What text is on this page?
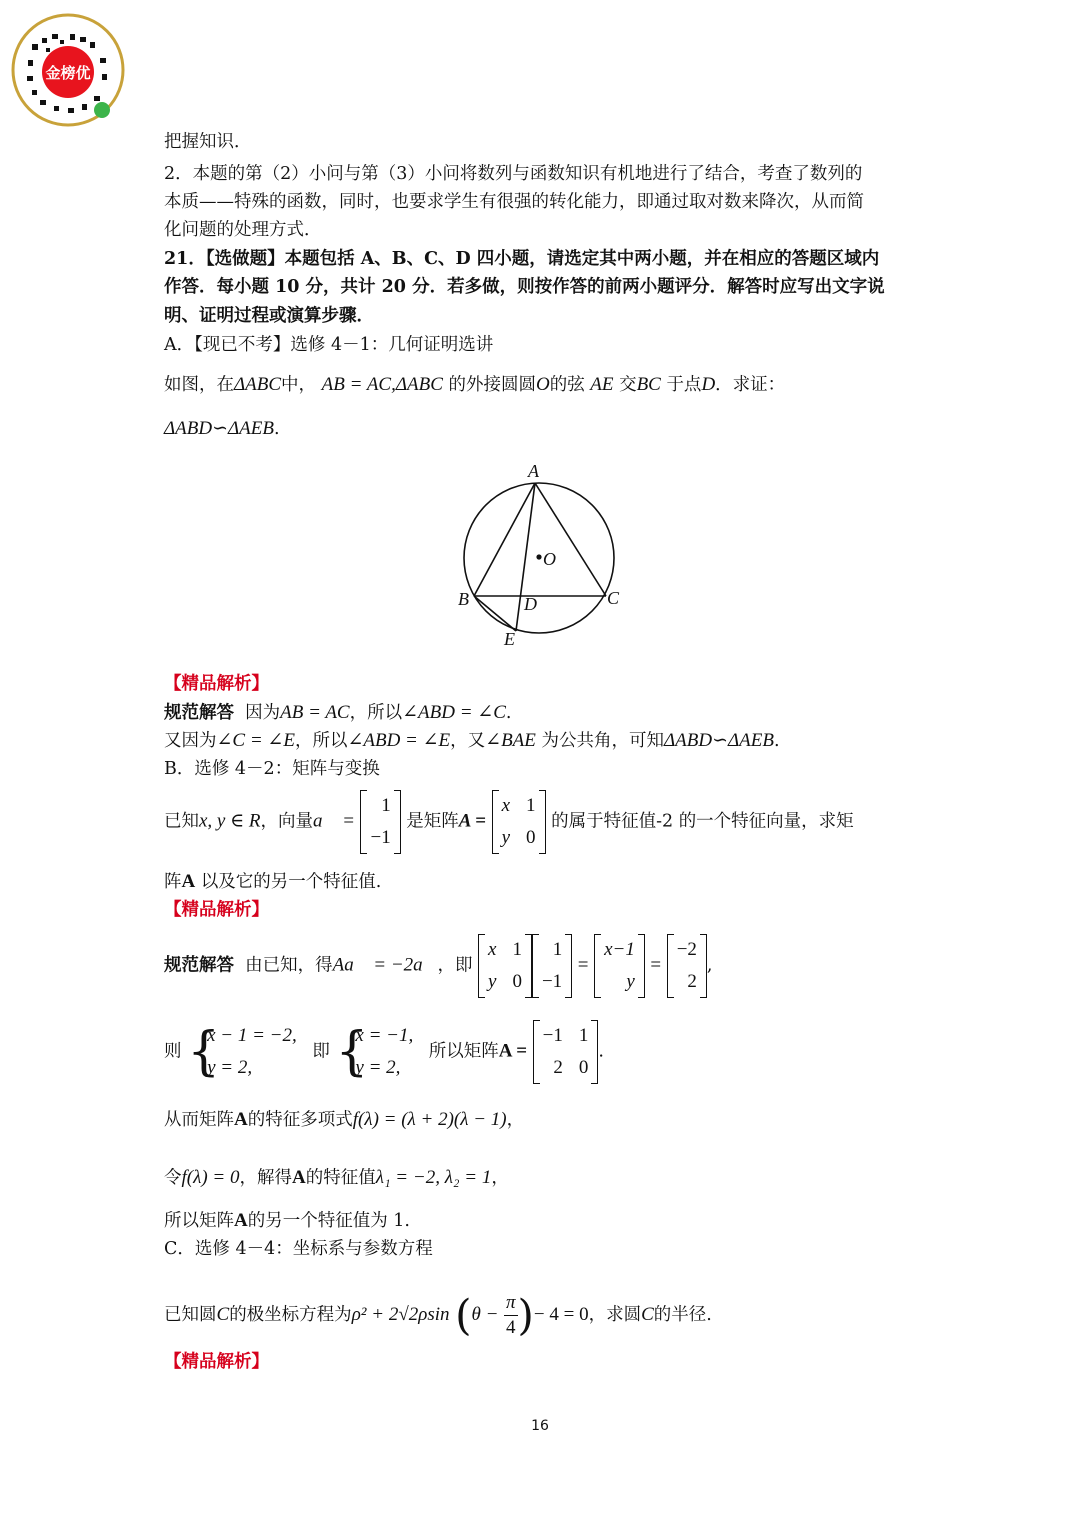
金榜优
把握知识．
2．本题的第（2）小问与第（3）小问将数列与函数知识有机地进行了结合，考查了数列的
本质——特殊的函数，同时，也要求学生有很强的转化能力，即通过取对数来降次，从而简
化问题的处理方式．
21．【选做题】本题包括 A、B、C、D 四小题，请选定其中两小题，并在相应的答题区域内
作答．每小题 10 分，共计 20 分．若多做，则按作答的前两小题评分．解答时应写出文字说
明、证明过程或演算步骤．
A．【现已不考】选修 4－1：几何证明选讲
如图，在ΔABC中， AB = AC,ΔABC 的外接圆圆O的弦 AE 交BC 于点D．求证：
ΔABD∽ΔAEB.
【精品解析】
规范解答 因为AB = AC，所以∠ABD = ∠C.
又因为∠C = ∠E，所以∠ABD = ∠E，又∠BAE 为公共角，可知ΔABD∽ΔAEB.
B．选修 4－2：矩阵与变换
已知x, y ∈ R，向量a⃗ =
1
−1
是矩阵A =
x 1
y 0
的属于特征值-2 的一个特征向量，求矩
阵A 以及它的另一个特征值.
【精品解析】
规范解答 由已知，得Aa⃗ = −2a⃗，即
x 1
y 0
1
−1
=
x−1
y
=
−2
2
,
则 {
x − 1 = −2,
y = 2,
即 {
x = −1,
y = 2,
所以矩阵A =
−1 1
2 0
.
从而矩阵A的特征多项式f(λ) = (λ + 2)(λ − 1)，
令f(λ) = 0，解得A的特征值λ₁ = −2, λ₂ = 1，
所以矩阵A的另一个特征值为 1.
C．选修 4－4：坐标系与参数方程
已知圆C的极坐标方程为ρ² + 2√2ρsin ($\theta - \frac{\pi}{4}$ )− 4 = 0，求圆C的半径.
【精品解析】
A
B	C
D
E
O
16
